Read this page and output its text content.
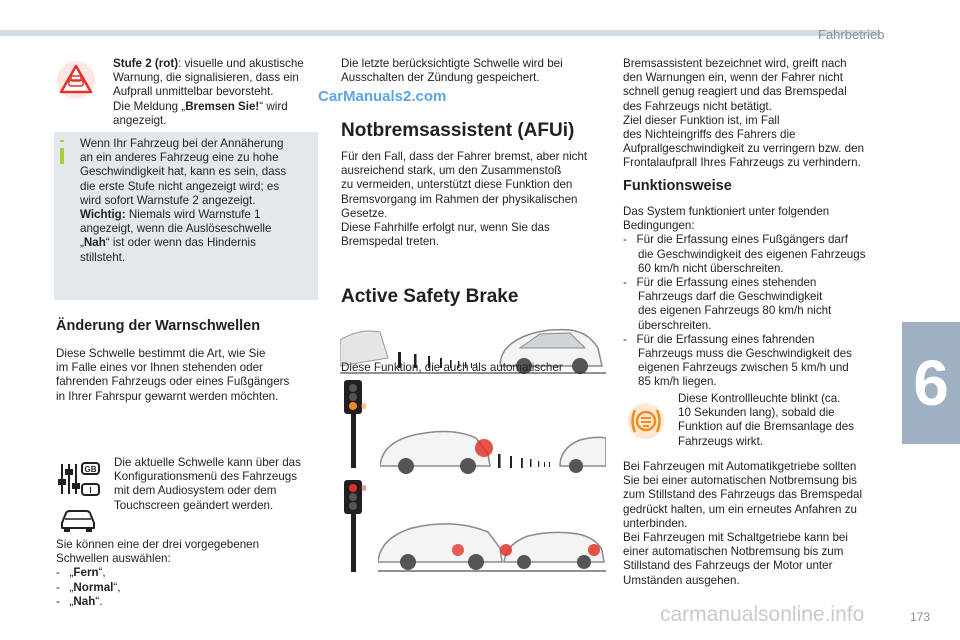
Fahrbetrieb
6
CarManuals2.com
carmanualsonline.info	173
Stufe 2 (rot): visuelle und akustische
Warnung, die signalisieren, dass ein
Aufprall unmittelbar bevorsteht.
Die Meldung „Bremsen Sie!“ wird
angezeigt.
Wenn Ihr Fahrzeug bei der Annäherung
an ein anderes Fahrzeug eine zu hohe
Geschwindigkeit hat, kann es sein, dass
die erste Stufe nicht angezeigt wird; es
wird sofort Warnstufe 2 angezeigt.
Wichtig: Niemals wird Warnstufe 1
angezeigt, wenn die Auslöseschwelle
„Nah“ ist oder wenn das Hindernis
stillsteht.
Änderung der Warnschwellen
Diese Schwelle bestimmt die Art, wie Sie
im Falle eines vor Ihnen stehenden oder
fahrenden Fahrzeugs oder eines Fußgängers
in Ihrer Fahrspur gewarnt werden möchten.
GB
I
Die aktuelle Schwelle kann über das
Konfigurationsmenü des Fahrzeugs
mit dem Audiosystem oder dem
Touchscreen geändert werden.
Sie können eine der drei vorgegebenen
Schwellen auswählen:
- „Fern“,
- „Normal“,
- „Nah“.
Die letzte berücksichtigte Schwelle wird bei
Ausschalten der Zündung gespeichert.
Notbremsassistent (AFUi)
Für den Fall, dass der Fahrer bremst, aber nicht
ausreichend stark, um den Zusammenstoß
zu vermeiden, unterstützt diese Funktion den
Bremsvorgang im Rahmen der physikalischen
Gesetze.
Diese Fahrhilfe erfolgt nur, wenn Sie das
Bremspedal treten.
Active Safety Brake
Diese Funktion, die auch als automatischer
Bremsassistent bezeichnet wird, greift nach
den Warnungen ein, wenn der Fahrer nicht
schnell genug reagiert und das Bremspedal
des Fahrzeugs nicht betätigt.
Ziel dieser Funktion ist, im Fall
des Nichteingriffs des Fahrers die
Aufprallgeschwindigkeit zu verringern bzw. den
Frontalaufprall Ihres Fahrzeugs zu verhindern.
Funktionsweise
Das System funktioniert unter folgenden
Bedingungen:
- Für die Erfassung eines Fußgängers darf
die Geschwindigkeit des eigenen Fahrzeugs
60 km/h nicht überschreiten.
- Für die Erfassung eines stehenden
Fahrzeugs darf die Geschwindigkeit
des eigenen Fahrzeugs 80 km/h nicht
überschreiten.
- Für die Erfassung eines fahrenden
Fahrzeugs muss die Geschwindigkeit des
eigenen Fahrzeugs zwischen 5 km/h und
85 km/h liegen.
Diese Kontrollleuchte blinkt (ca.
10 Sekunden lang), sobald die
Funktion auf die Bremsanlage des
Fahrzeugs wirkt.
Bei Fahrzeugen mit Automatikgetriebe sollten
Sie bei einer automatischen Notbremsung bis
zum Stillstand des Fahrzeugs das Bremspedal
gedrückt halten, um ein erneutes Anfahren zu
unterbinden.
Bei Fahrzeugen mit Schaltgetriebe kann bei
einer automatischen Notbremsung bis zum
Stillstand des Fahrzeugs der Motor unter
Umständen ausgehen.
